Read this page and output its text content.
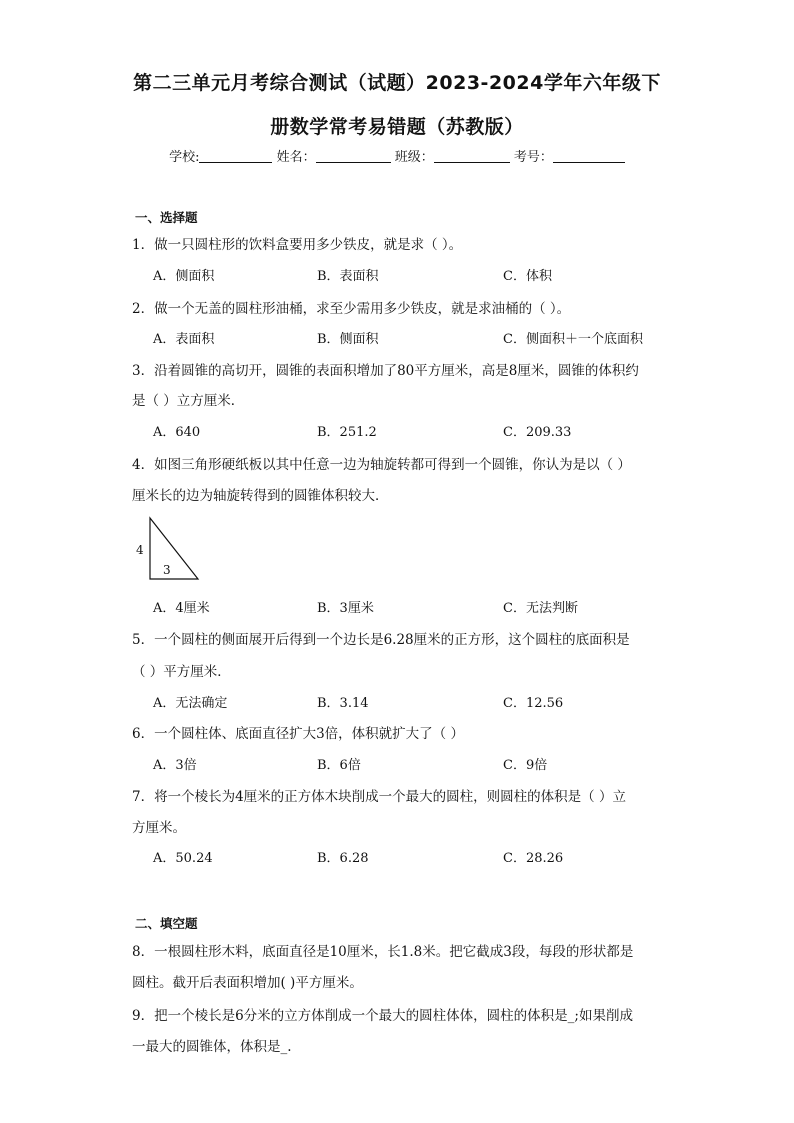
第二三单元月考综合测试（试题）2023-2024学年六年级下
册数学常考易错题（苏教版）
学校:	姓名：	班级：	考号：
一、选择题
1．做一只圆柱形的饮料盒要用多少铁皮，就是求（ ）。
A．侧面积	B．表面积	C．体积
2．做一个无盖的圆柱形油桶，求至少需用多少铁皮，就是求油桶的（ ）。
A．表面积	B．侧面积	C．侧面积＋一个底面积
3．沿着圆锥的高切开，圆锥的表面积增加了80平方厘米，高是8厘米，圆锥的体积约
是（ ）立方厘米．
A．640	B．251.2	C．209.33
4．如图三角形硬纸板以其中任意一边为轴旋转都可得到一个圆锥，你认为是以（ ）
厘米长的边为轴旋转得到的圆锥体积较大．
4
3
A．4厘米	B．3厘米	C．无法判断
5．一个圆柱的侧面展开后得到一个边长是6.28厘米的正方形，这个圆柱的底面积是
（ ）平方厘米．
A．无法确定	B．3.14	C．12.56
6．一个圆柱体、底面直径扩大3倍，体积就扩大了（ ）
A．3倍	B．6倍	C．9倍
7．将一个棱长为4厘米的正方体木块削成一个最大的圆柱，则圆柱的体积是（ ）立
方厘米。
A．50.24	B．6.28	C．28.26
二、填空题
8．一根圆柱形木料，底面直径是10厘米，长1.8米。把它截成3段，每段的形状都是
圆柱。截开后表面积增加( )平方厘米。
9．把一个棱长是6分米的立方体削成一个最大的圆柱体体，圆柱的体积是_;如果削成
一最大的圆锥体，体积是_.
